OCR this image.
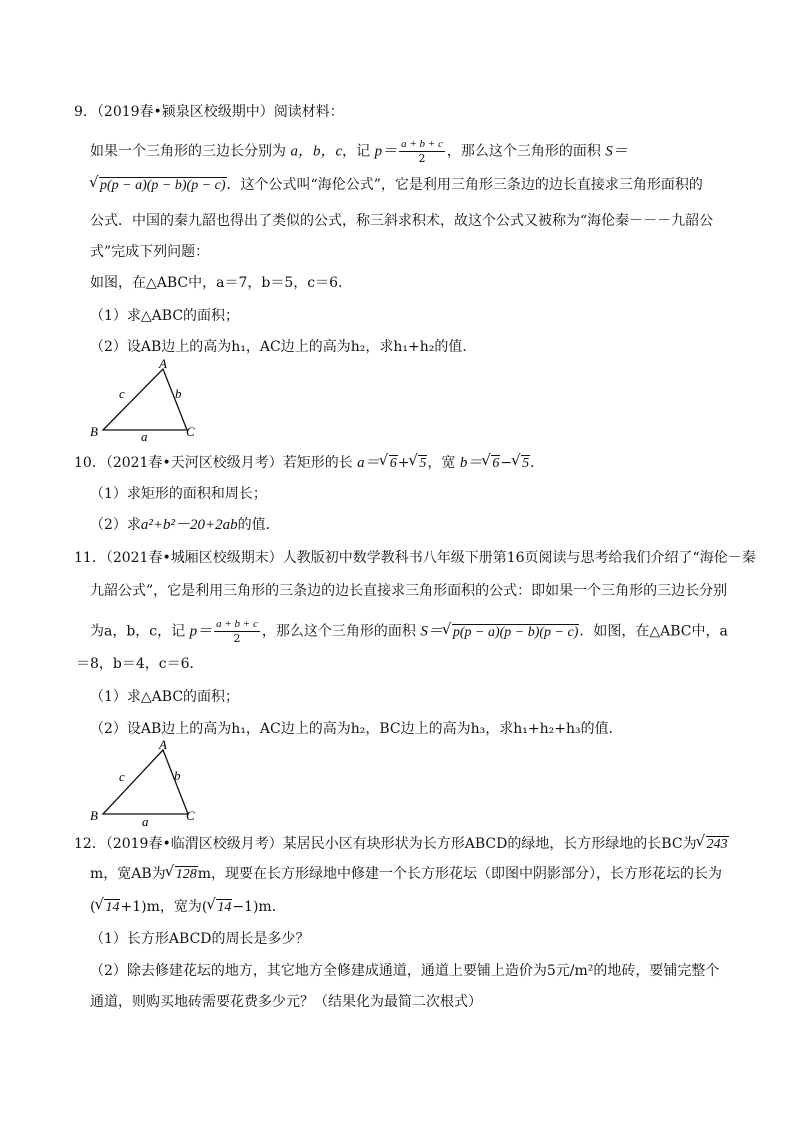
9．（2019春•颍泉区校级期中）阅读材料：
如果一个三角形的三边长分别为 a，b，c，记 $p= \frac{a + b + c}{2}$ ，那么这个三角形的面积 S＝
√ p(p − a)(p − b)(p − c)．这个公式叫“海伦公式”，它是利用三角形三条边的边长直接求三角形面积的
公式．中国的秦九韶也得出了类似的公式，称三斜求积术，故这个公式又被称为“海伦秦－－－九韶公
式”完成下列问题：
如图，在△ABC中，a＝7，b＝5，c＝6．
（1）求△ABC的面积；
（2）设AB边上的高为h₁，AC边上的高为h₂，求h₁+h₂的值．
A
B	C
a
b
c
10．（2021春•天河区校级月考）若矩形的长 a＝ √ 6+ √ 5，宽 b＝ √ 6− √ 5．
（1）求矩形的面积和周长；
（2）求a²+b²－20+2ab的值．
11．（2021春•城厢区校级期末）人教版初中数学教科书八年级下册第16页阅读与思考给我们介绍了“海伦－秦
九韶公式”，它是利用三角形的三条边的边长直接求三角形面积的公式：即如果一个三角形的三边长分别
为a，b，c，记 $p= \frac{a + b + c}{2}$ ，那么这个三角形的面积 S＝ √ p(p − a)(p − b)(p − c)．如图，在△ABC中，a
＝8，b＝4，c＝6．
（1）求△ABC的面积；
（2）设AB边上的高为h₁，AC边上的高为h₂，BC边上的高为h₃，求h₁+h₂+h₃的值．
A
B	C
a
b
c
12．（2019春•临渭区校级月考）某居民小区有块形状为长方形ABCD的绿地，长方形绿地的长BC为 √ 243
m，宽AB为 √ 128m，现要在长方形绿地中修建一个长方形花坛（即图中阴影部分），长方形花坛的长为
( √ 14+1)m，宽为( √ 14−1)m．
（1）长方形ABCD的周长是多少？
（2）除去修建花坛的地方，其它地方全修建成通道，通道上要铺上造价为5元/m²的地砖，要铺完整个
通道，则购买地砖需要花费多少元？（结果化为最简二次根式）
